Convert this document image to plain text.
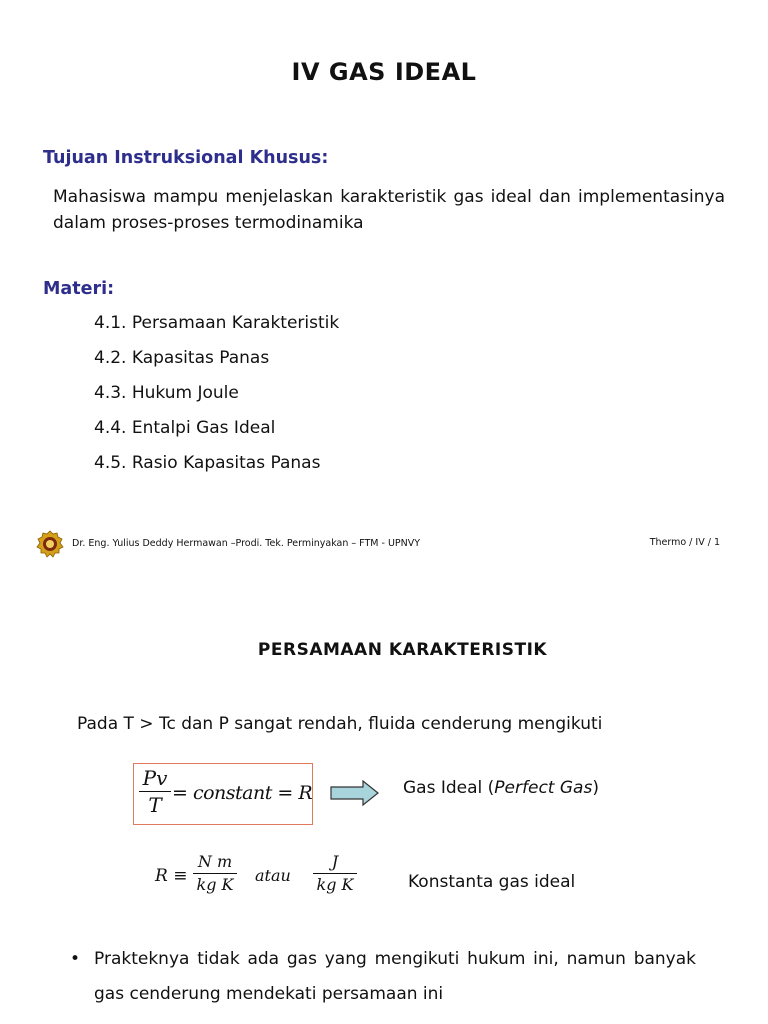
IV GAS IDEAL
Tujuan Instruksional Khusus:
Mahasiswa mampu menjelaskan karakteristik gas ideal dan implementasinya dalam proses-proses termodinamika
Materi:
4.1. Persamaan Karakteristik
4.2. Kapasitas Panas
4.3. Hukum Joule
4.4. Entalpi Gas Ideal
4.5. Rasio Kapasitas Panas
Dr. Eng. Yulius Deddy Hermawan –Prodi. Tek. Perminyakan – FTM - UPNVY	Thermo / IV / 1
PERSAMAAN KARAKTERISTIK
Pada T > Tc dan P sangat rendah, fluida cenderung mengikuti
Pv
T = constant = R	Gas Ideal (Perfect Gas)
R ≡
N m
kg K atau
J
kg K	Konstanta gas ideal
• Prakteknya tidak ada gas yang mengikuti hukum ini, namun banyak gas cenderung mendekati persamaan ini
